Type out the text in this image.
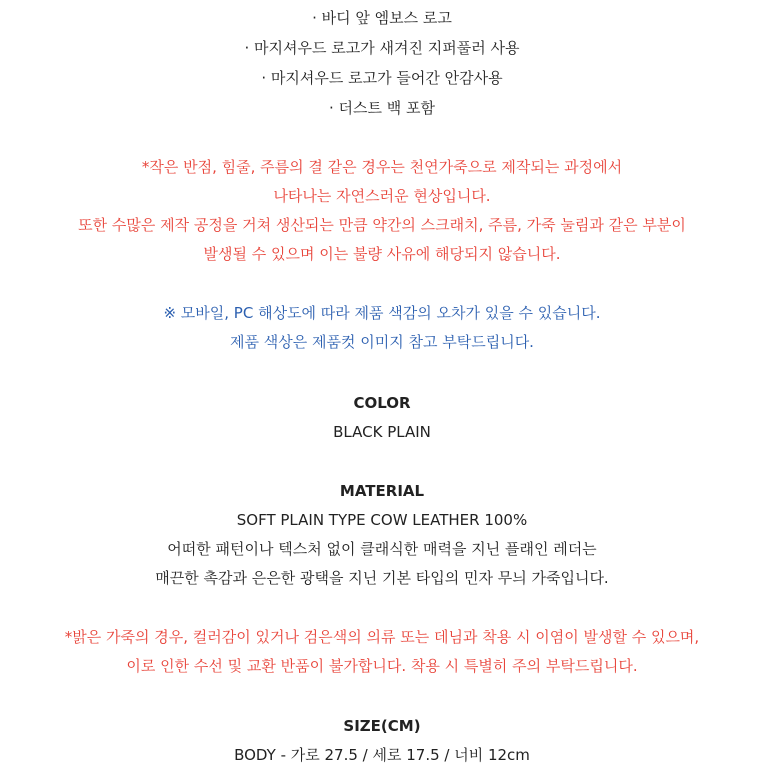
· 바디 앞 엠보스 로고
· 마지셔우드 로고가 새겨진 지퍼풀러 사용
· 마지셔우드 로고가 들어간 안감사용
· 더스트 백 포함
*작은 반점, 힘줄, 주름의 결 같은 경우는 천연가죽으로 제작되는 과정에서
나타나는 자연스러운 현상입니다.
또한 수많은 제작 공정을 거쳐 생산되는 만큼 약간의 스크래치, 주름, 가죽 눌림과 같은 부분이
발생될 수 있으며 이는 불량 사유에 해당되지 않습니다.
※ 모바일, PC 해상도에 따라 제품 색감의 오차가 있을 수 있습니다.
제품 색상은 제품컷 이미지 참고 부탁드립니다.
COLOR
BLACK PLAIN
MATERIAL
SOFT PLAIN TYPE COW LEATHER 100%
어떠한 패턴이나 텍스처 없이 클래식한 매력을 지닌 플래인 레더는
매끈한 촉감과 은은한 광택을 지닌 기본 타입의 민자 무늬 가죽입니다.
*밝은 가죽의 경우, 컬러감이 있거나 검은색의 의류 또는 데님과 착용 시 이염이 발생할 수 있으며,
이로 인한 수선 및 교환 반품이 불가합니다. 착용 시 특별히 주의 부탁드립니다.
SIZE(CM)
BODY - 가로 27.5 / 세로 17.5 / 너비 12cm
